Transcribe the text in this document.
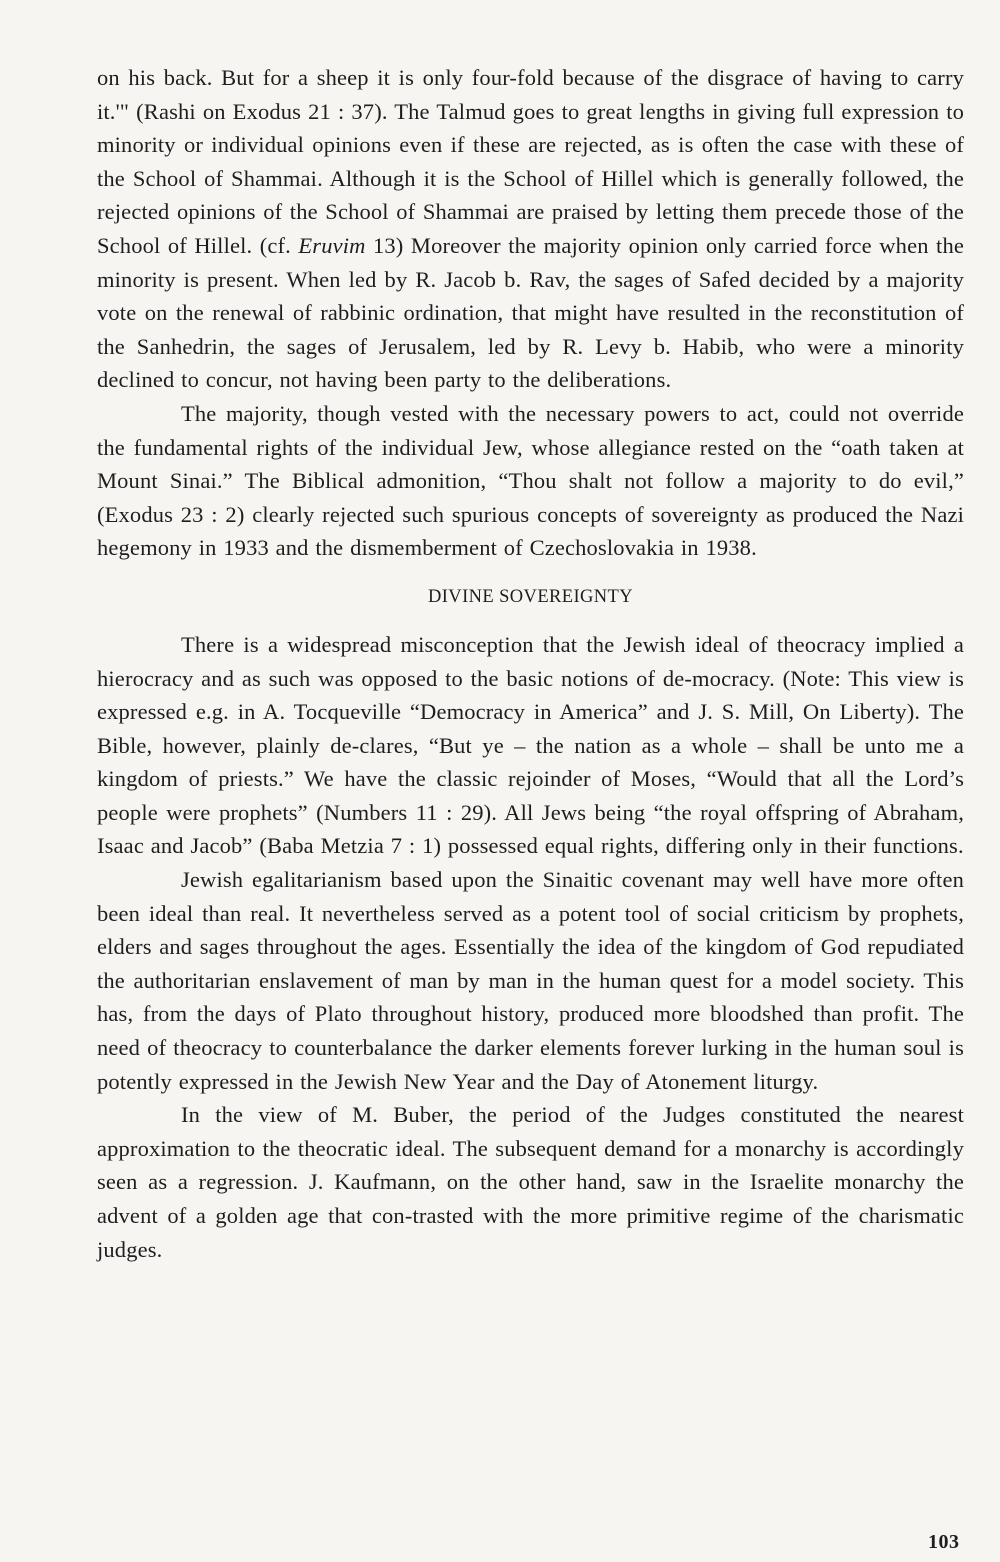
on his back. But for a sheep it is only four-fold because of the disgrace of having to carry it.'" (Rashi on Exodus 21 : 37). The Talmud goes to great lengths in giving full expression to minority or individual opinions even if these are rejected, as is often the case with these of the School of Shammai. Although it is the School of Hillel which is generally followed, the rejected opinions of the School of Shammai are praised by letting them precede those of the School of Hillel. (cf. Eruvim 13) Moreover the majority opinion only carried force when the minority is present. When led by R. Jacob b. Rav, the sages of Safed decided by a majority vote on the renewal of rabbinic ordination, that might have resulted in the reconstitution of the Sanhedrin, the sages of Jerusalem, led by R. Levy b. Habib, who were a minority declined to concur, not having been party to the deliberations.

The majority, though vested with the necessary powers to act, could not override the fundamental rights of the individual Jew, whose allegiance rested on the “oath taken at Mount Sinai.” The Biblical admonition, “Thou shalt not follow a majority to do evil,” (Exodus 23 : 2) clearly rejected such spurious concepts of sovereignty as produced the Nazi hegemony in 1933 and the dismemberment of Czechoslovakia in 1938.

DIVINE SOVEREIGNTY

There is a widespread misconception that the Jewish ideal of theocracy implied a hierocracy and as such was opposed to the basic notions of de-mocracy. (Note: This view is expressed e.g. in A. Tocqueville “Democracy in America” and J. S. Mill, On Liberty). The Bible, however, plainly de-clares, “But ye – the nation as a whole – shall be unto me a kingdom of priests.” We have the classic rejoinder of Moses, “Would that all the Lord’s people were prophets” (Numbers 11 : 29). All Jews being “the royal offspring of Abraham, Isaac and Jacob” (Baba Metzia 7 : 1) possessed equal rights, differing only in their functions.

Jewish egalitarianism based upon the Sinaitic covenant may well have more often been ideal than real. It nevertheless served as a potent tool of social criticism by prophets, elders and sages throughout the ages. Essentially the idea of the kingdom of God repudiated the authoritarian enslavement of man by man in the human quest for a model society. This has, from the days of Plato throughout history, produced more bloodshed than profit. The need of theocracy to counterbalance the darker elements forever lurking in the human soul is potently expressed in the Jewish New Year and the Day of Atonement liturgy.

In the view of M. Buber, the period of the Judges constituted the nearest approximation to the theocratic ideal. The subsequent demand for a monarchy is accordingly seen as a regression. J. Kaufmann, on the other hand, saw in the Israelite monarchy the advent of a golden age that con-trasted with the more primitive regime of the charismatic judges.

103
